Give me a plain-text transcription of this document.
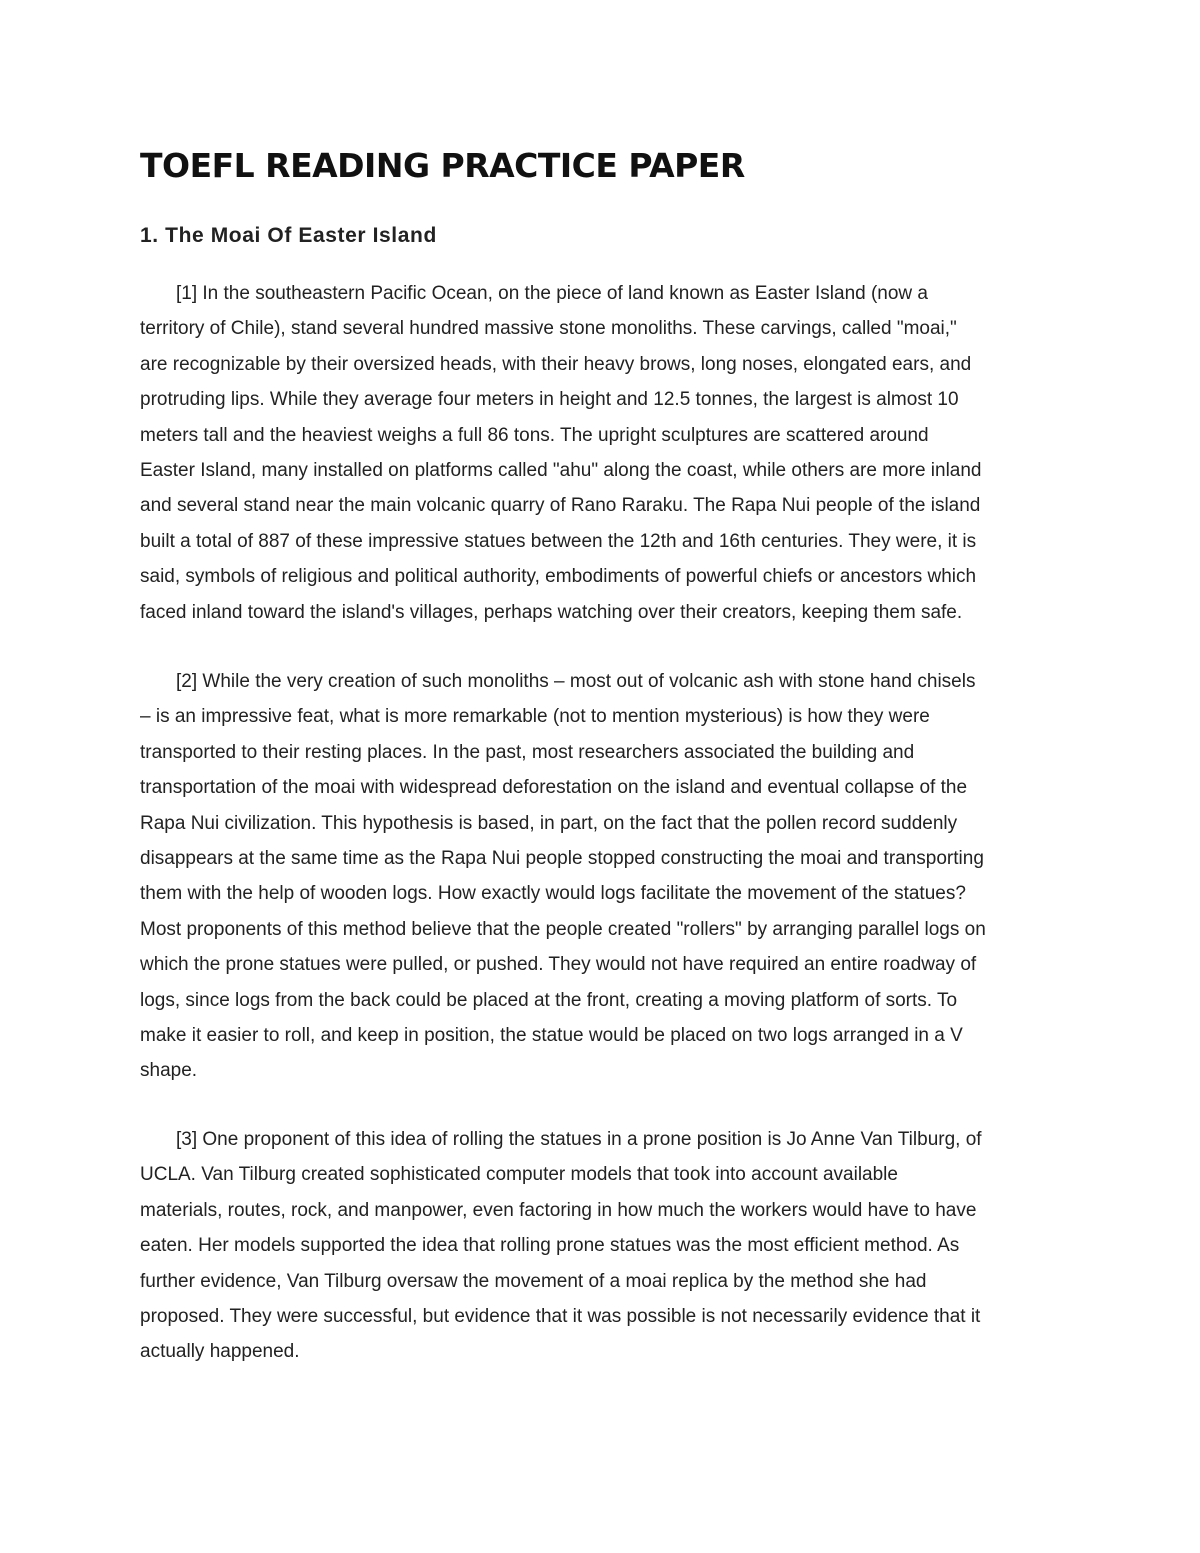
TOEFL READING PRACTICE PAPER
1. The Moai Of Easter Island
[1] In the southeastern Pacific Ocean, on the piece of land known as Easter Island (now a
territory of Chile), stand several hundred massive stone monoliths. These carvings, called "moai,"
are recognizable by their oversized heads, with their heavy brows, long noses, elongated ears, and
protruding lips. While they average four meters in height and 12.5 tonnes, the largest is almost 10
meters tall and the heaviest weighs a full 86 tons. The upright sculptures are scattered around
Easter Island, many installed on platforms called "ahu" along the coast, while others are more inland
and several stand near the main volcanic quarry of Rano Raraku. The Rapa Nui people of the island
built a total of 887 of these impressive statues between the 12th and 16th centuries. They were, it is
said, symbols of religious and political authority, embodiments of powerful chiefs or ancestors which
faced inland toward the island's villages, perhaps watching over their creators, keeping them safe.
[2] While the very creation of such monoliths – most out of volcanic ash with stone hand chisels
– is an impressive feat, what is more remarkable (not to mention mysterious) is how they were
transported to their resting places. In the past, most researchers associated the building and
transportation of the moai with widespread deforestation on the island and eventual collapse of the
Rapa Nui civilization. This hypothesis is based, in part, on the fact that the pollen record suddenly
disappears at the same time as the Rapa Nui people stopped constructing the moai and transporting
them with the help of wooden logs. How exactly would logs facilitate the movement of the statues?
Most proponents of this method believe that the people created "rollers" by arranging parallel logs on
which the prone statues were pulled, or pushed. They would not have required an entire roadway of
logs, since logs from the back could be placed at the front, creating a moving platform of sorts. To
make it easier to roll, and keep in position, the statue would be placed on two logs arranged in a V
shape.
[3] One proponent of this idea of rolling the statues in a prone position is Jo Anne Van Tilburg, of
UCLA. Van Tilburg created sophisticated computer models that took into account available
materials, routes, rock, and manpower, even factoring in how much the workers would have to have
eaten. Her models supported the idea that rolling prone statues was the most efficient method. As
further evidence, Van Tilburg oversaw the movement of a moai replica by the method she had
proposed. They were successful, but evidence that it was possible is not necessarily evidence that it
actually happened.
